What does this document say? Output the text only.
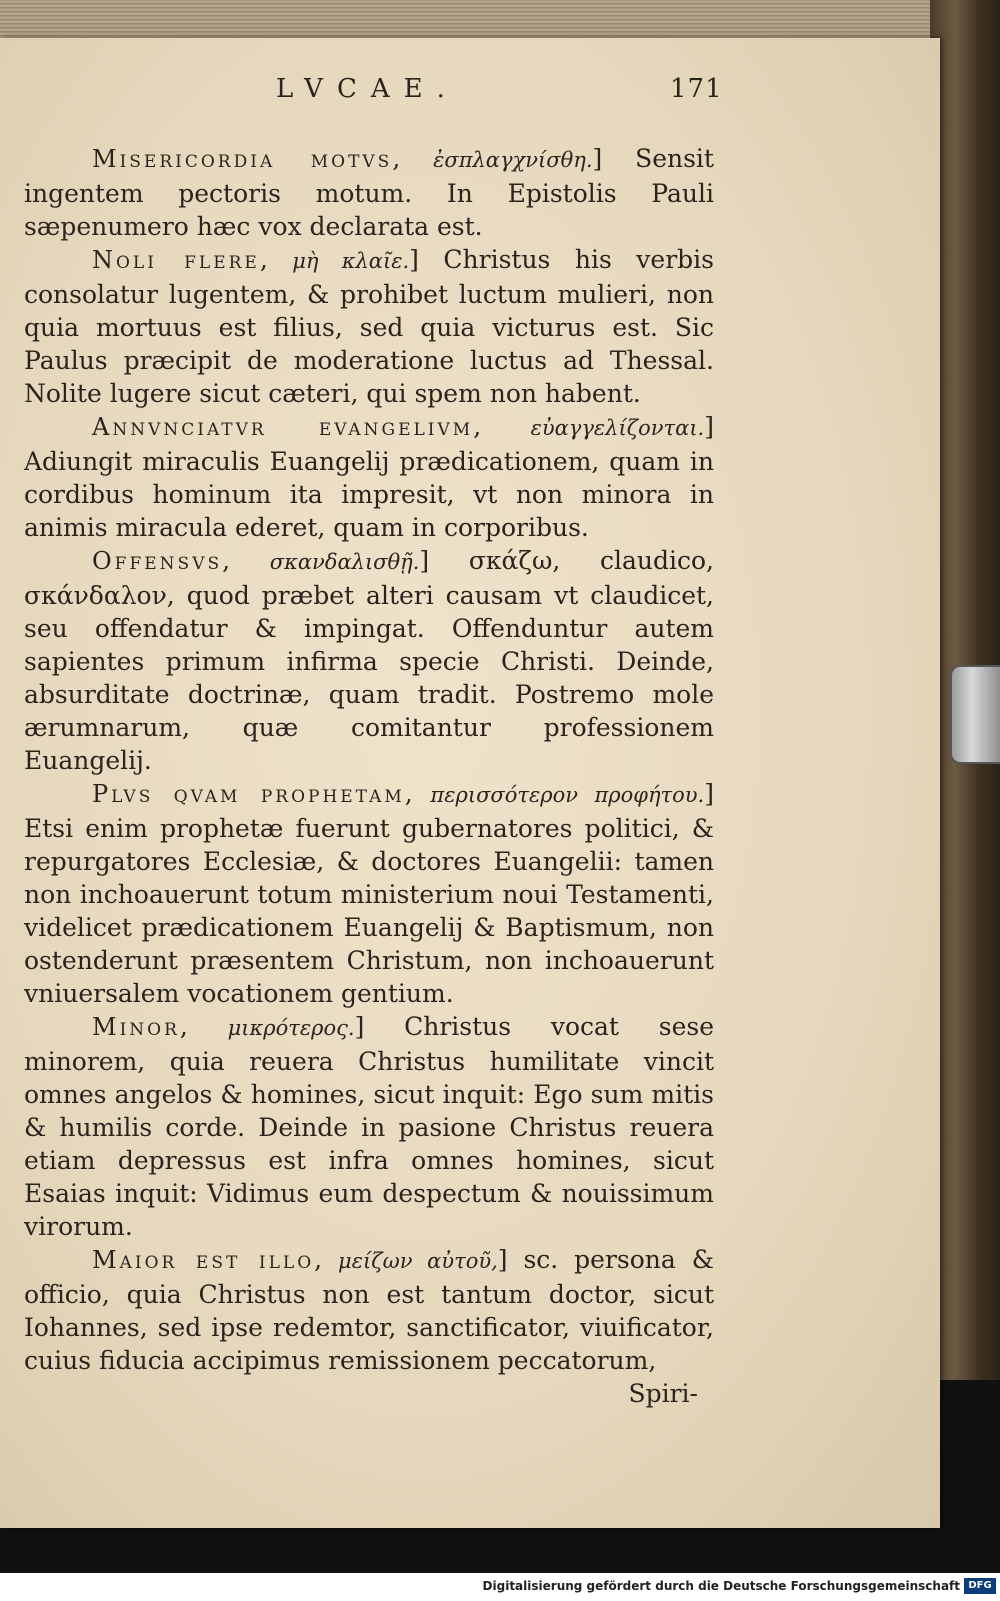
LVCAE.	171

Misericordia motvs, ἐσπλαγχνίσθη.] Sensit ingentem pectoris motum. In Epistolis Pauli sæpenumero hæc vox declarata est.

Noli flere, μὴ κλαῖε.] Christus his verbis consolatur lugentem, & prohibet luctum mulieri, non quia mortuus est filius, sed quia victurus est. Sic Paulus præcipit de moderatione luctus ad Thessal. Nolite lugere sicut cæteri, qui spem non habent.

Annvnciatvr evangelivm, εὐαγγελίζονται.] Adiungit miraculis Euangelij prædicationem, quam in cordibus hominum ita impresit, vt non minora in animis miracula ederet, quam in corporibus.

Offensvs, σκανδαλισθῇ.] σκάζω, claudico, σκάνδαλον, quod præbet alteri causam vt claudicet, seu offendatur & impingat. Offenduntur autem sapientes primum infirma specie Christi. Deinde, absurditate doctrinæ, quam tradit. Postremo mole ærumnarum, quæ comitantur professionem Euangelij.

Plvs qvam prophetam, περισσότερον προφήτου.] Etsi enim prophetæ fuerunt gubernatores politici, & repurgatores Ecclesiæ, & doctores Euangelii: tamen non inchoauerunt totum ministerium noui Testamenti, videlicet prædicationem Euangelij & Baptismum, non ostenderunt præsentem Christum, non inchoauerunt vniuersalem vocationem gentium.

Minor, μικρότερος.] Christus vocat sese minorem, quia reuera Christus humilitate vincit omnes angelos & homines, sicut inquit: Ego sum mitis & humilis corde. Deinde in pasione Christus reuera etiam depressus est infra omnes homines, sicut Esaias inquit: Vidimus eum despectum & nouissimum virorum.

Maior est illo, μείζων αὐτοῦ,] sc. persona & officio, quia Christus non est tantum doctor, sicut Iohannes, sed ipse redemtor, sanctificator, viuificator, cuius fiducia accipimus remissionem peccatorum,

Spiri-

Digitalisierung gefördert durch die Deutsche Forschungsgemeinschaft DFG
